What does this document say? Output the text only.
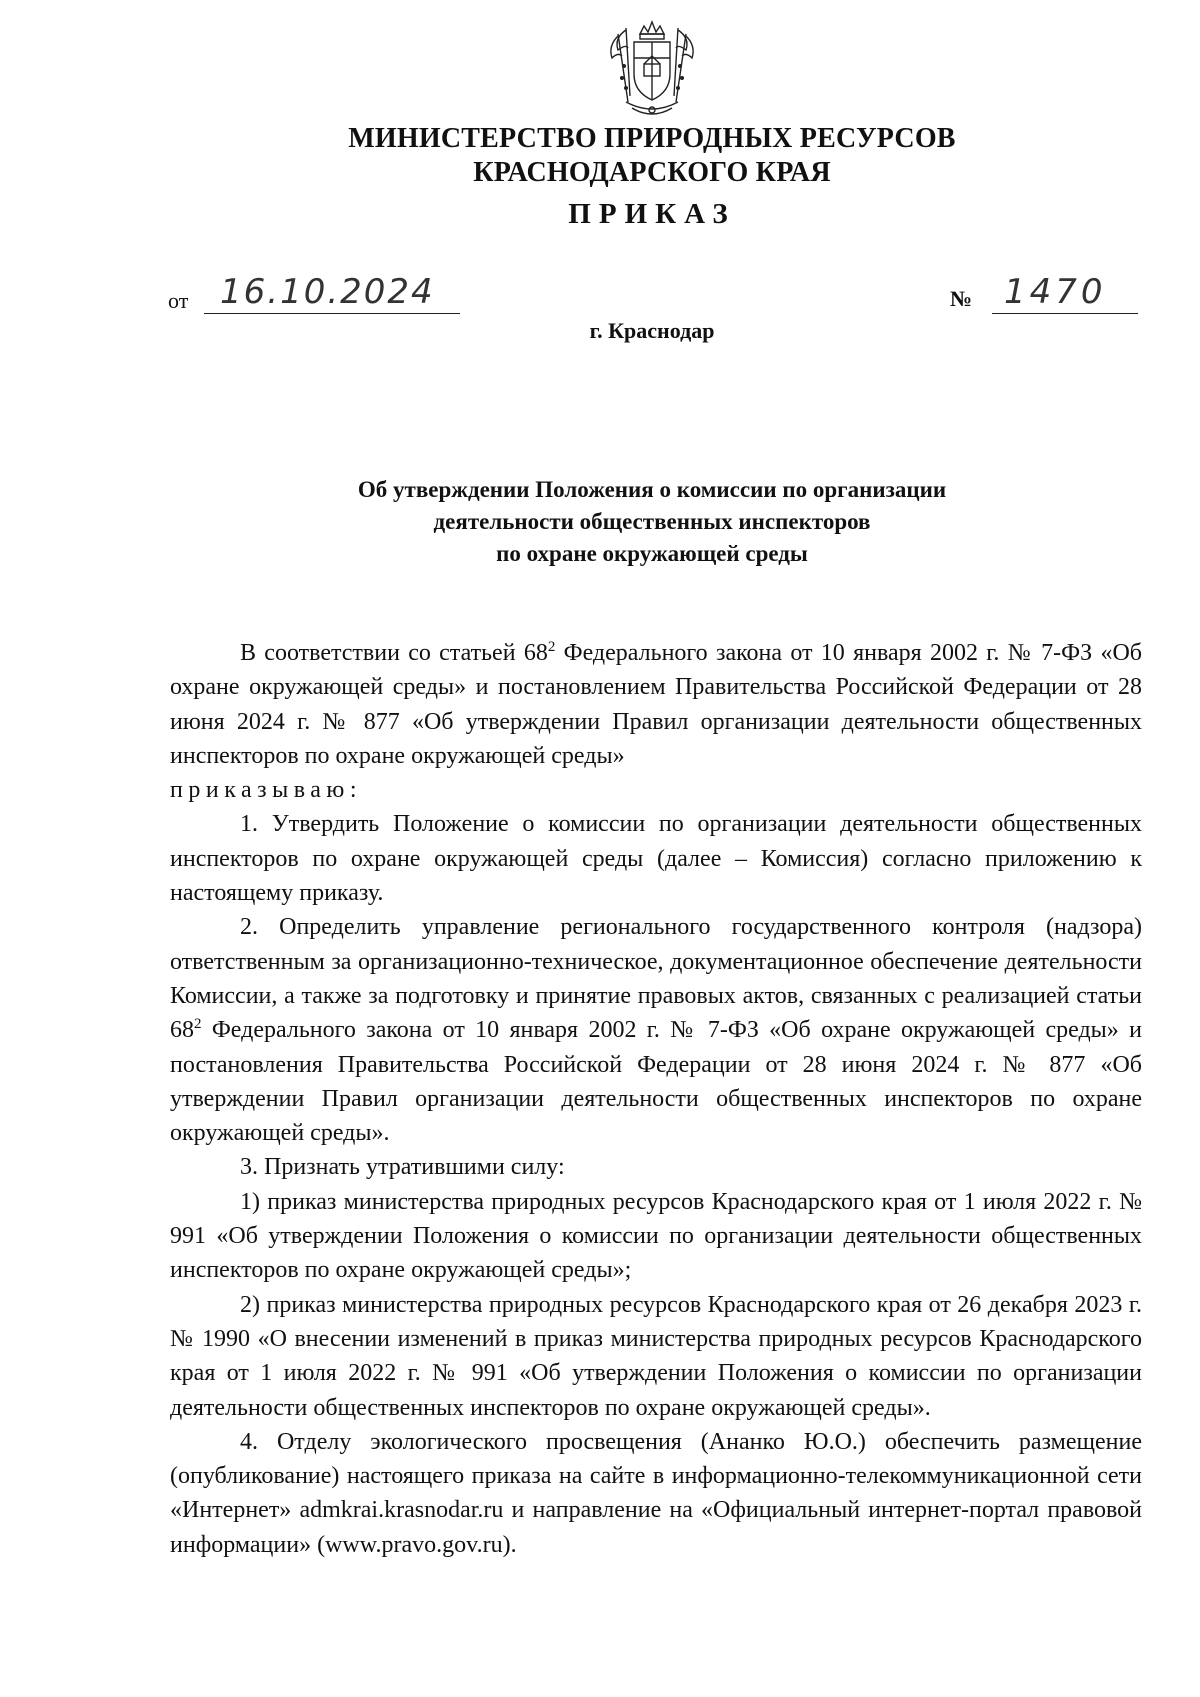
МИНИСТЕРСТВО ПРИРОДНЫХ РЕСУРСОВ
КРАСНОДАРСКОГО КРАЯ
ПРИКАЗ
от 16.10.2024	№ 1470
г. Краснодар
Об утверждении Положения о комиссии по организации
деятельности общественных инспекторов
по охране окружающей среды

В соответствии со статьей $68^2$ Федерального закона от 10 января 2002 г. № 7-ФЗ «Об охране окружающей среды» и постановлением Правительства Российской Федерации от 28 июня 2024 г. № 877 «Об утверждении Правил организации деятельности общественных инспекторов по охране окружающей среды»

приказываю:

1. Утвердить Положение о комиссии по организации деятельности общественных инспекторов по охране окружающей среды (далее – Комиссия) согласно приложению к настоящему приказу.

2. Определить управление регионального государственного контроля (надзора) ответственным за организационно-техническое, документационное обеспечение деятельности Комиссии, а также за подготовку и принятие правовых актов, связанных с реализацией статьи $68^2$ Федерального закона от 10 января 2002 г. № 7-ФЗ «Об охране окружающей среды» и постановления Правительства Российской Федерации от 28 июня 2024 г. № 877 «Об утверждении Правил организации деятельности общественных инспекторов по охране окружающей среды».

3. Признать утратившими силу:

1) приказ министерства природных ресурсов Краснодарского края от 1 июля 2022 г. № 991 «Об утверждении Положения о комиссии по организации деятельности общественных инспекторов по охране окружающей среды»;

2) приказ министерства природных ресурсов Краснодарского края от 26 декабря 2023 г. № 1990 «О внесении изменений в приказ министерства природных ресурсов Краснодарского края от 1 июля 2022 г. № 991 «Об утверждении Положения о комиссии по организации деятельности общественных инспекторов по охране окружающей среды».

4. Отделу экологического просвещения (Ананко Ю.О.) обеспечить размещение (опубликование) настоящего приказа на сайте в информационно-телекоммуникационной сети «Интернет» admkrai.krasnodar.ru и направление на «Официальный интернет-портал правовой информации» (www.pravo.gov.ru).
